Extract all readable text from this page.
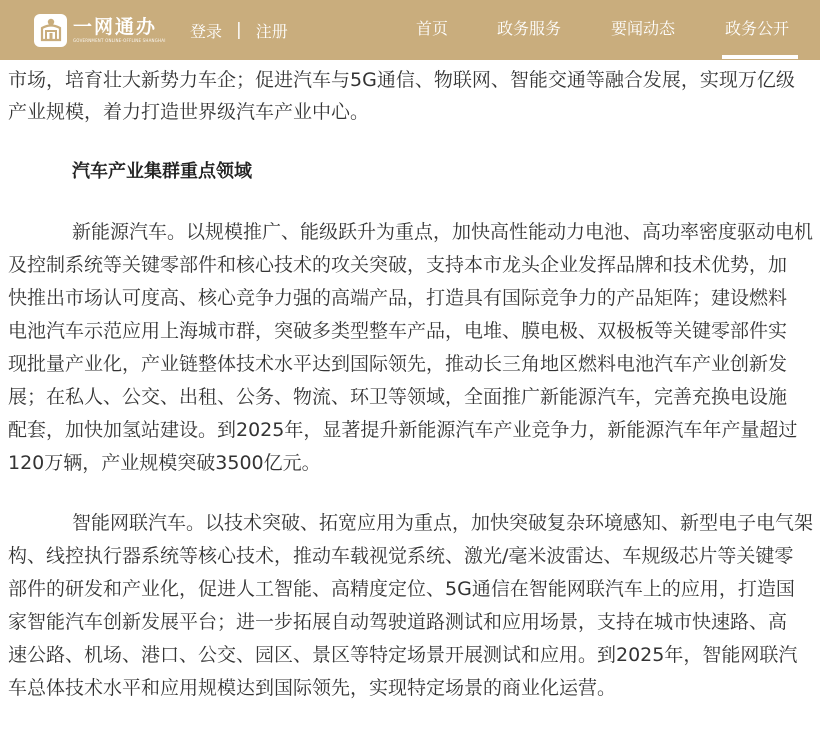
一网通办
GOVERNMENT ONLINE-OFFLINE SHANGHAI 登录 | 注册	首页	政务服务	要闻动态	政务公开
市场，培育壮大新势力车企；促进汽车与5G通信、物联网、智能交通等融合发展，实现万亿级
产业规模，着力打造世界级汽车产业中心。
汽车产业集群重点领域
新能源汽车。以规模推广、能级跃升为重点，加快高性能动力电池、高功率密度驱动电机
及控制系统等关键零部件和核心技术的攻关突破，支持本市龙头企业发挥品牌和技术优势，加
快推出市场认可度高、核心竞争力强的高端产品，打造具有国际竞争力的产品矩阵；建设燃料
电池汽车示范应用上海城市群，突破多类型整车产品，电堆、膜电极、双极板等关键零部件实
现批量产业化，产业链整体技术水平达到国际领先，推动长三角地区燃料电池汽车产业创新发
展；在私人、公交、出租、公务、物流、环卫等领域，全面推广新能源汽车，完善充换电设施
配套，加快加氢站建设。到2025年，显著提升新能源汽车产业竞争力，新能源汽车年产量超过
120万辆，产业规模突破3500亿元。
智能网联汽车。以技术突破、拓宽应用为重点，加快突破复杂环境感知、新型电子电气架
构、线控执行器系统等核心技术，推动车载视觉系统、激光/毫米波雷达、车规级芯片等关键零
部件的研发和产业化，促进人工智能、高精度定位、5G通信在智能网联汽车上的应用，打造国
家智能汽车创新发展平台；进一步拓展自动驾驶道路测试和应用场景，支持在城市快速路、高
速公路、机场、港口、公交、园区、景区等特定场景开展测试和应用。到2025年，智能网联汽
车总体技术水平和应用规模达到国际领先，实现特定场景的商业化运营。
